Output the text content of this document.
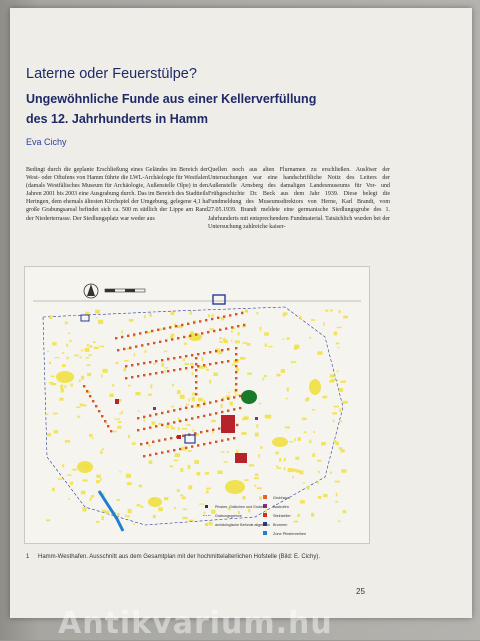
Laterne oder Feuerstülpe?
Ungewöhnliche Funde aus einer Kellerverfüllung
des 12. Jahrhunderts in Hamm
Eva Cichy

Bedingt durch die geplante Erschließung eines Geländes im Bereich der West- oder Oftufens von Hamm führte die LWL-Archäologie für Westfalen (damals Westfälisches Museum für Archäologie, Außenstelle Olpe) in den Jahren 2001 bis 2003 eine Ausgrabung durch. Das im Bereich des Stadtteils Heringen, dem ehemals ältesten Kirchspiel der Umgebung, gelegene 4,1 ha große Grabungsareal befindet sich ca. 500 m südlich der Lippe am Rand der Niederterrasse. Der Siedlungsplatz war weder aus

Quellen noch aus alten Flurnamen zu erschließen. Auslöser der Untersuchungen war eine handschriftliche Notiz des Leiters der Außenstelle Arnsberg des damaligen Landesmuseums für Vor- und Frühgeschichte Dr. Beck aus dem Jahr 1939. Diese belegt die Fundmeldung des Museumsdirektors von Herne, Karl Brandt, vom 27.05.1939. Brandt meldete eine germanische Siedlungsgrube des 1. Jahrhunderts mit entsprechendem Fundmaterial. Tatsächlich wurden bei der Untersuchung zahlreiche kaiser-

Grubhaus
Backofen
Steinkeller
Brunnen
Zone Pfostenreihen
Pfosten, Gräbchen und Gruben
Grabungsgrenze
archäologische Befunde allgemein
1 Hamm-Westhafen. Ausschnitt aus dem Gesamtplan mit der hochmittelalterlichen Hofstelle (Bild: E. Cichy).
25
Antikvarium.hu
